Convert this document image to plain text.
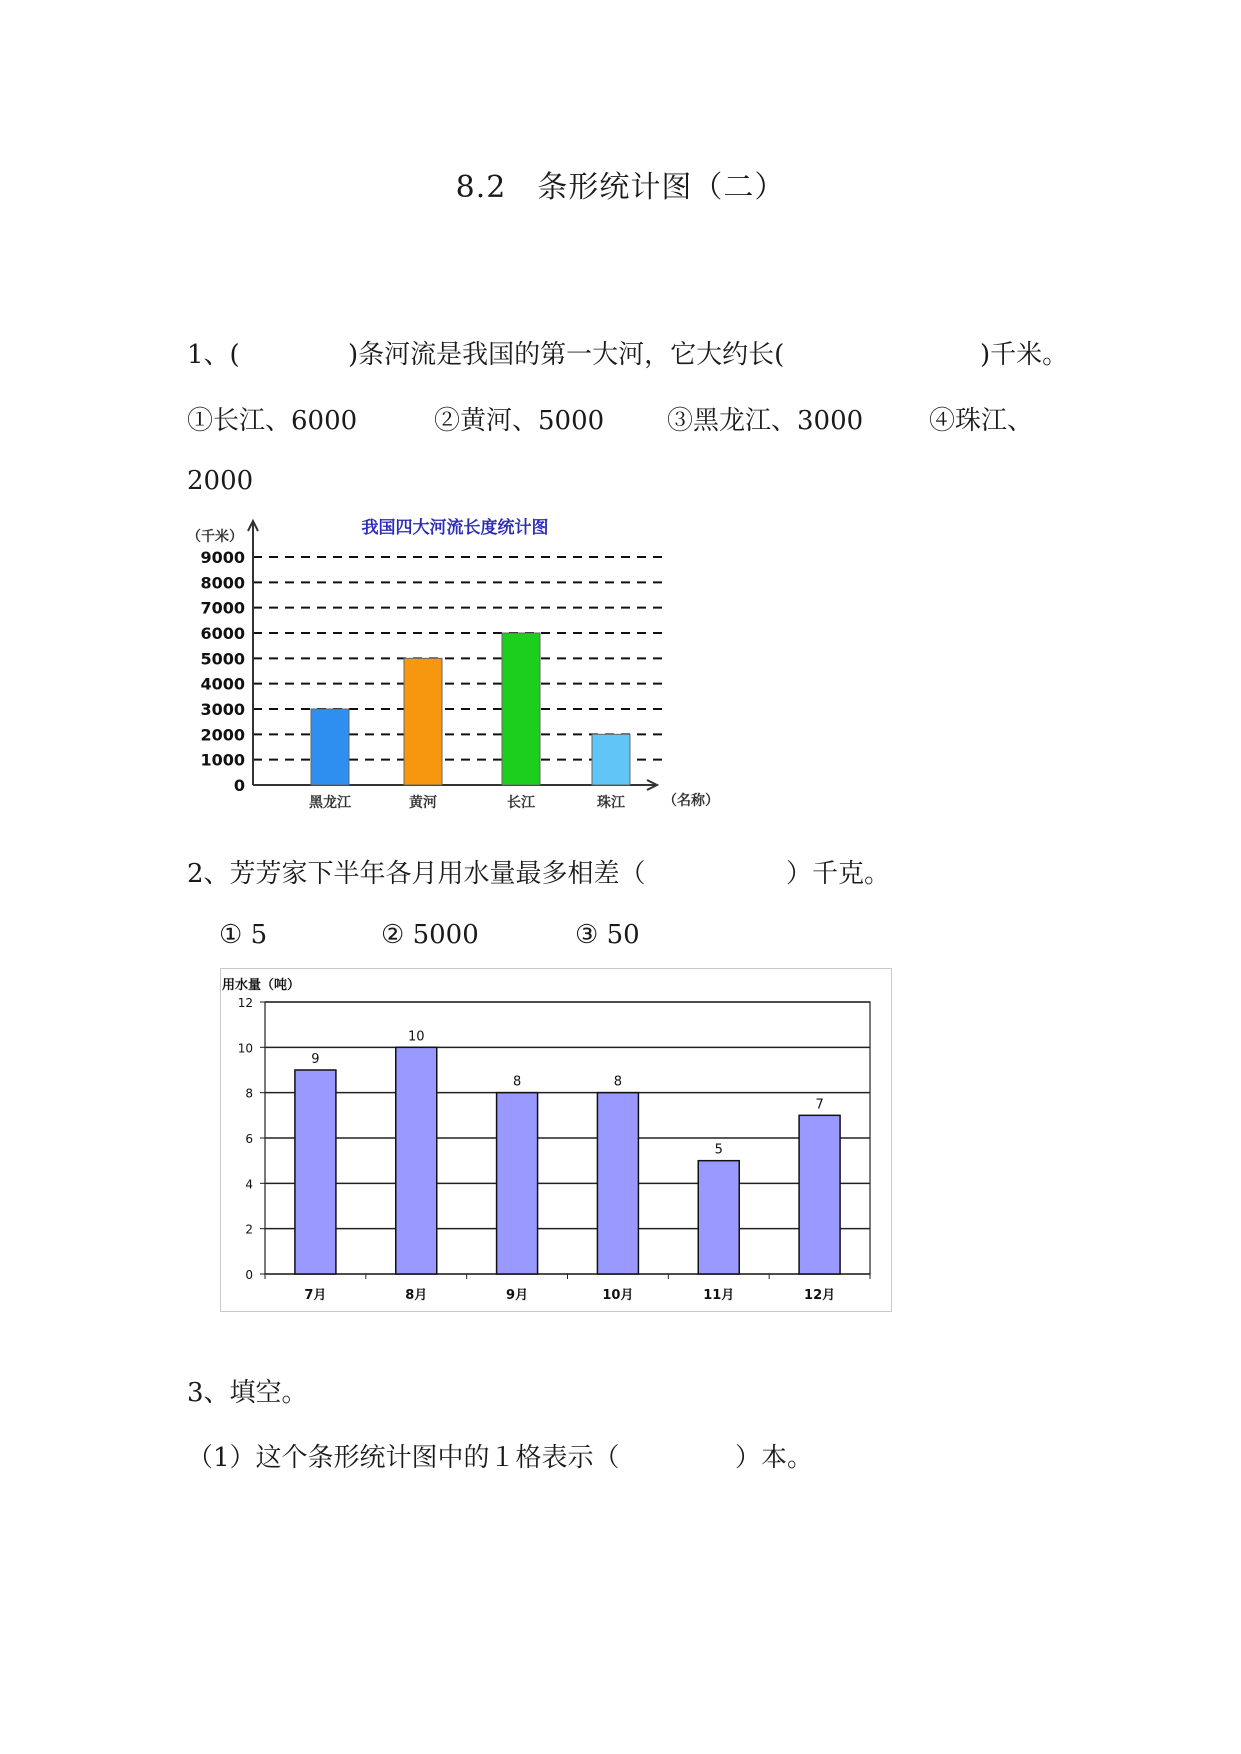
8.2　条形统计图（二）
1、(	)条河流是我国的第一大河，它大约长(	)千米。
①长江、6000	②黄河、5000 ③黑龙江、3000	④珠江、
2000
我国四大河流长度统计图
（千米）
0
1000
2000
3000
4000
5000
6000
7000
8000
9000
（名称）
黑龙江	黄河	长江	珠江
2、芳芳家下半年各月用水量最多相差（	）千克。
① 5	② 5000	③ 50
用水量（吨）
0
2
4
6
8
10
12
9
7月
10
8月
8
9月
8
10月
5
11月
7
12月
3、填空。
（1）这个条形统计图中的１格表示（	）本。
